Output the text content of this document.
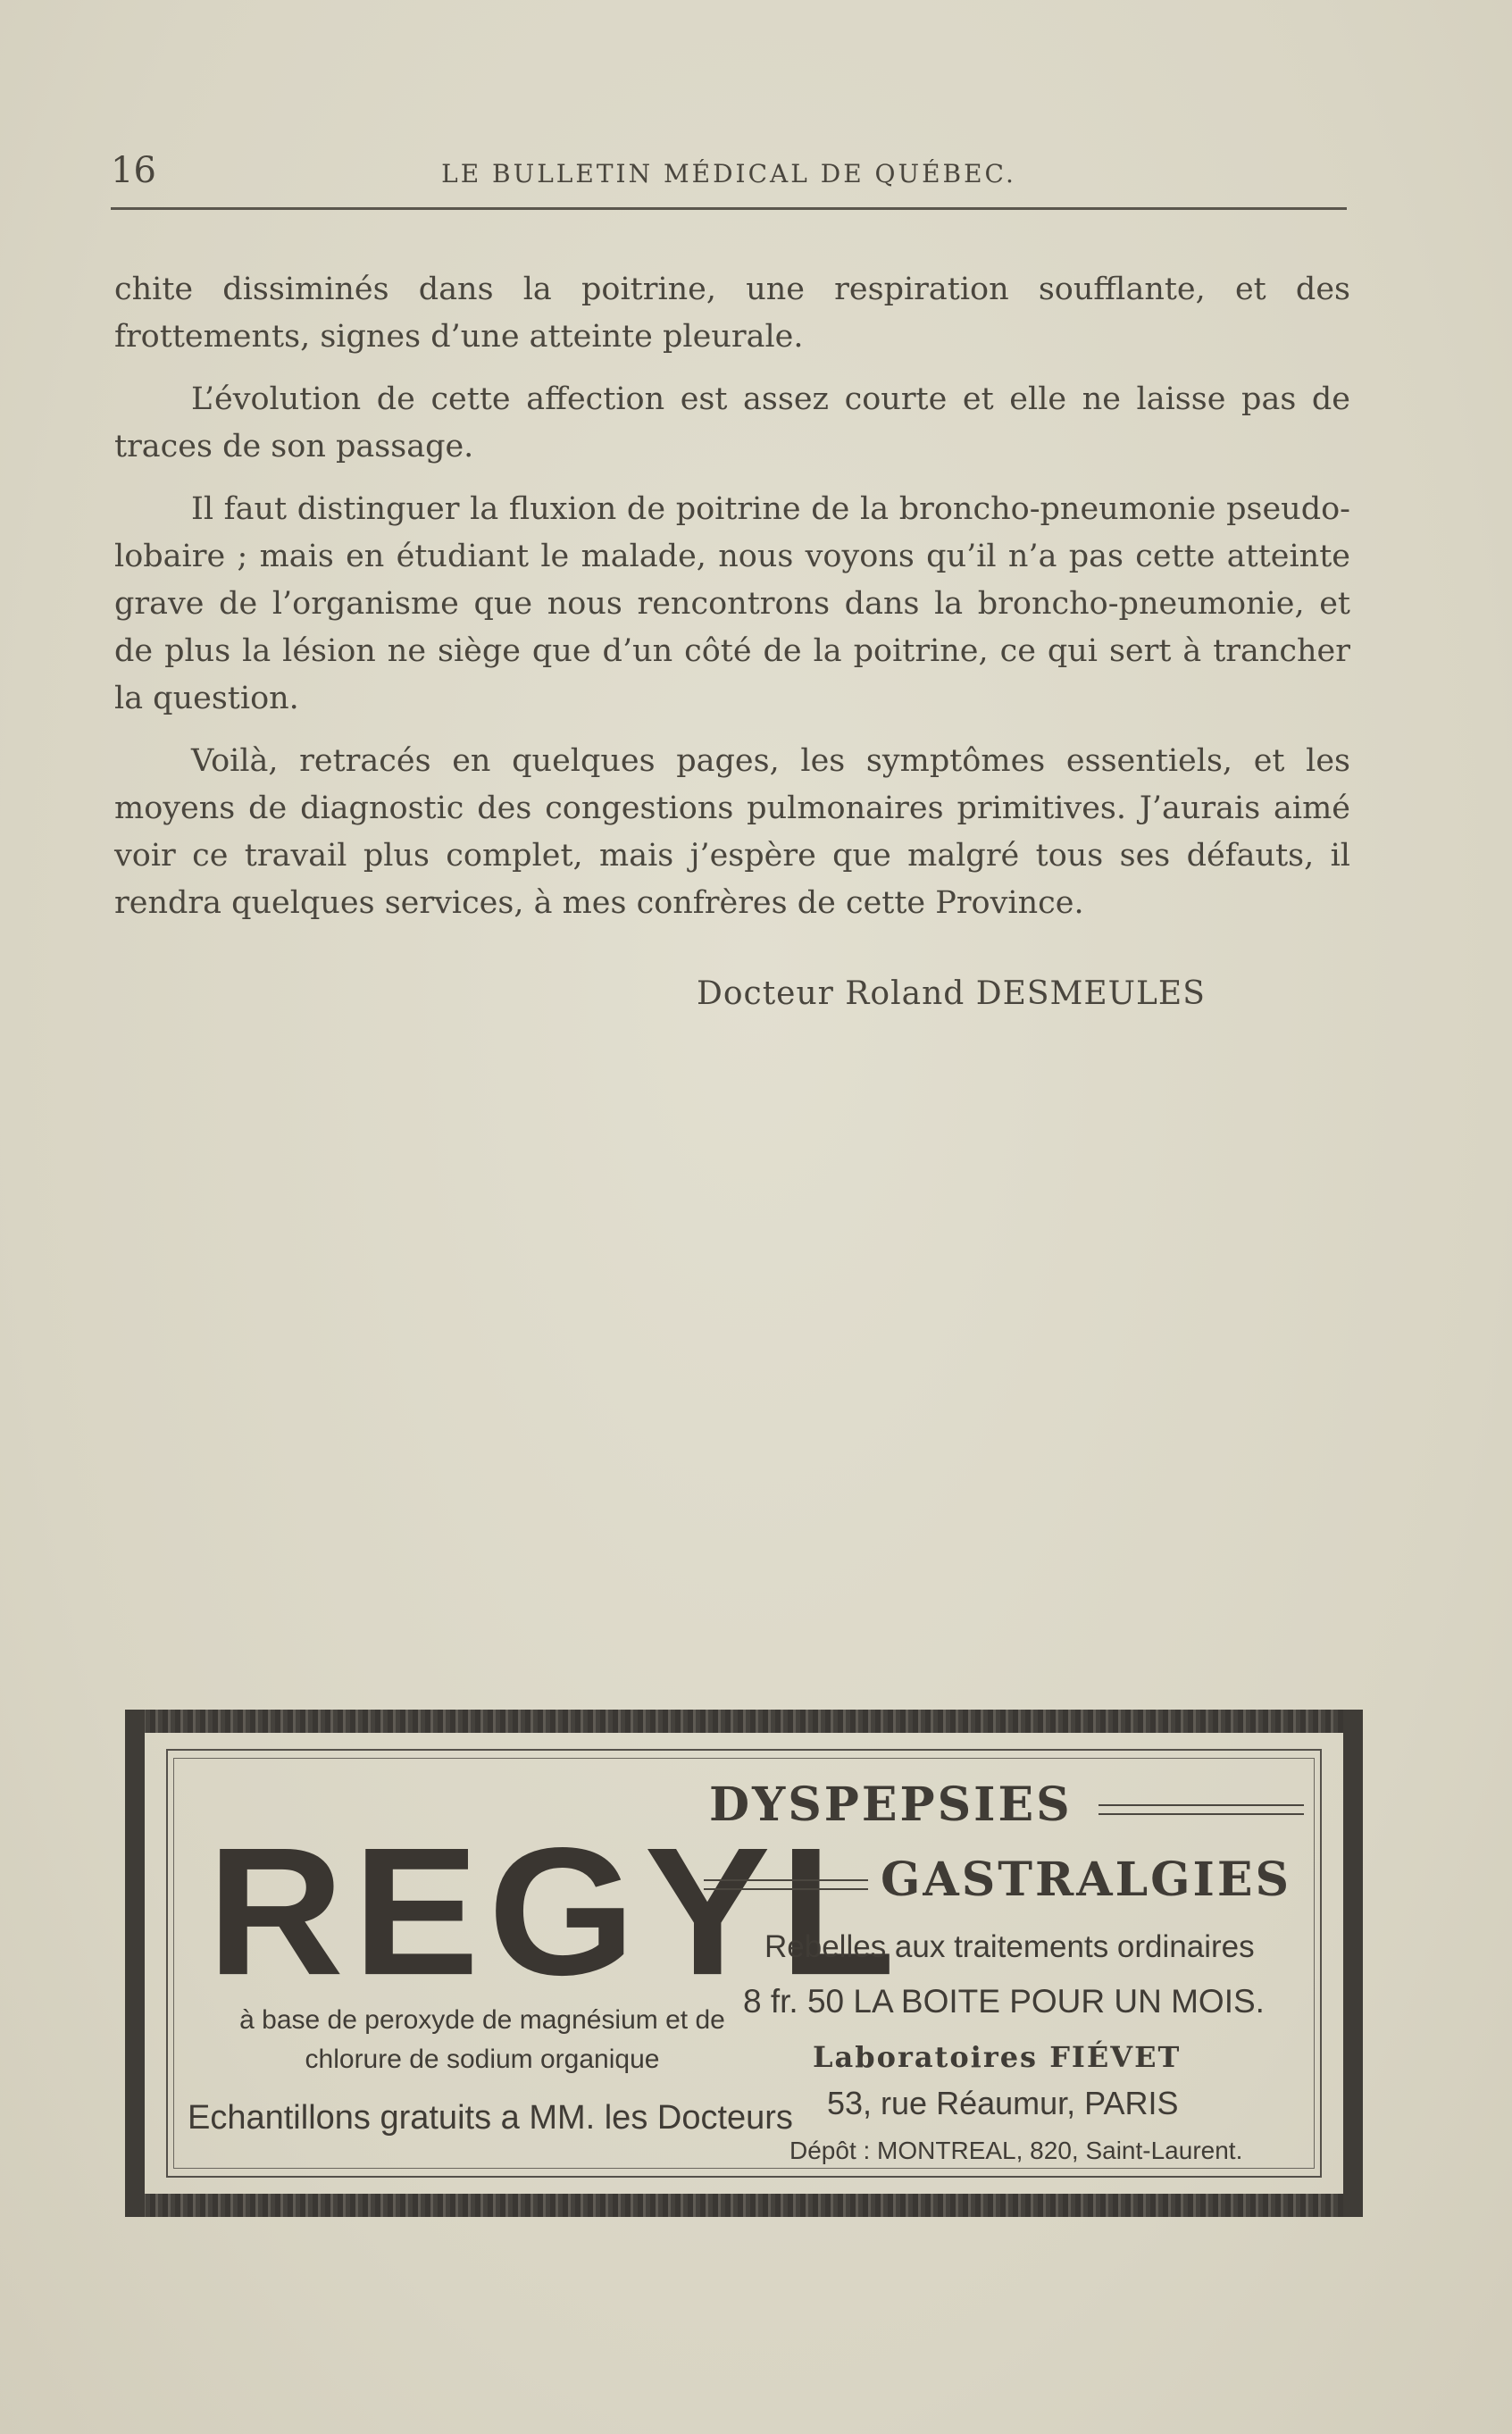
16	LE BULLETIN MÉDICAL DE QUÉBEC.

chite dissiminés dans la poitrine, une respiration soufflante, et des frottements, signes d’une atteinte pleurale.

L’évolution de cette affection est assez courte et elle ne laisse pas de traces de son passage.

Il faut distinguer la fluxion de poitrine de la broncho-pneumonie pseudo-lobaire ; mais en étudiant le malade, nous voyons qu’il n’a pas cette atteinte grave de l’organisme que nous rencontrons dans la broncho-pneumonie, et de plus la lésion ne siège que d’un côté de la poitrine, ce qui sert à trancher la question.

Voilà, retracés en quelques pages, les symptômes essentiels, et les moyens de diagnostic des congestions pulmonaires primitives. J’aurais aimé voir ce travail plus complet, mais j’espère que malgré tous ses défauts, il rendra quelques services, à mes confrères de cette Province.

Docteur Roland DESMEULES
REGYL
à base de peroxyde de magnésium et de
chlorure de sodium organique
Echantillons gratuits a MM. les Docteurs
DYSPEPSIES
GASTRALGIES
Rebelles aux traitements ordinaires
8 fr. 50 LA BOITE POUR UN MOIS.
Laboratoires FIÉVET
53, rue Réaumur, PARIS
Dépôt : MONTREAL, 820, Saint-Laurent.
